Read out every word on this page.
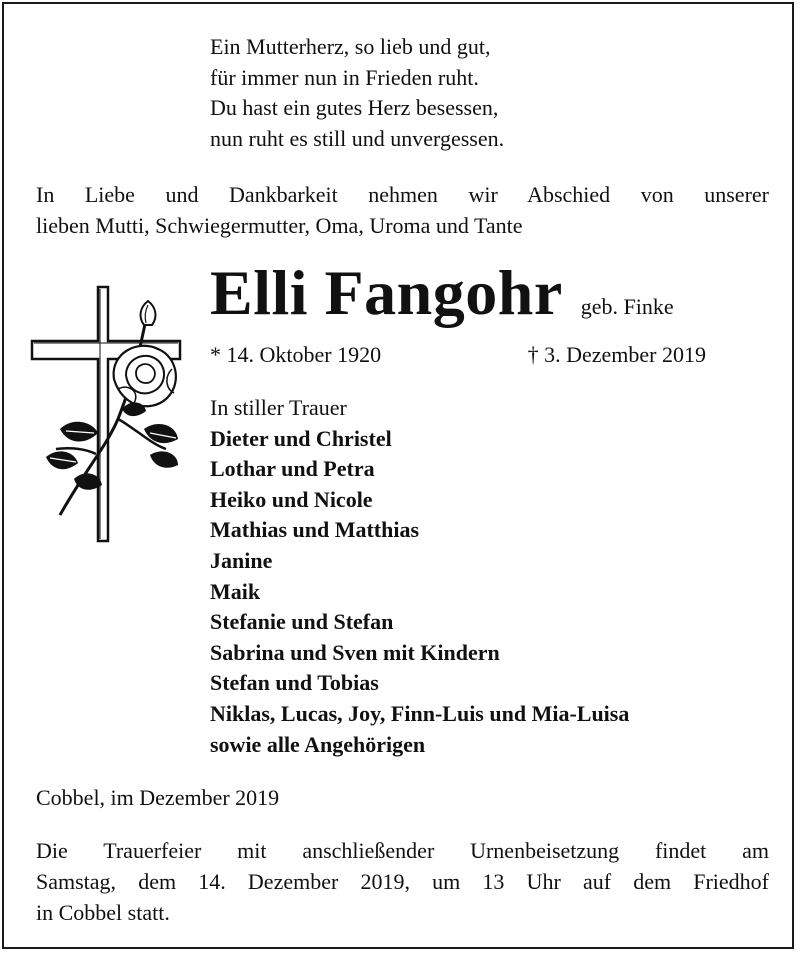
Ein Mutterherz, so lieb und gut,
für immer nun in Frieden ruht.
Du hast ein gutes Herz besessen,
nun ruht es still und unvergessen.
In Liebe und Dankbarkeit nehmen wir Abschied von unserer
lieben Mutti, Schwiegermutter, Oma, Uroma und Tante
Elli Fangohr geb. Finke
* 14. Oktober 1920	† 3. Dezember 2019
In stiller Trauer
Dieter und Christel
Lothar und Petra
Heiko und Nicole
Mathias und Matthias
Janine
Maik
Stefanie und Stefan
Sabrina und Sven mit Kindern
Stefan und Tobias
Niklas, Lucas, Joy, Finn-Luis und Mia-Luisa
sowie alle Angehörigen
Cobbel, im Dezember 2019
Die Trauerfeier mit anschließender Urnenbeisetzung findet am
Samstag, dem 14. Dezember 2019, um 13 Uhr auf dem Friedhof
in Cobbel statt.
